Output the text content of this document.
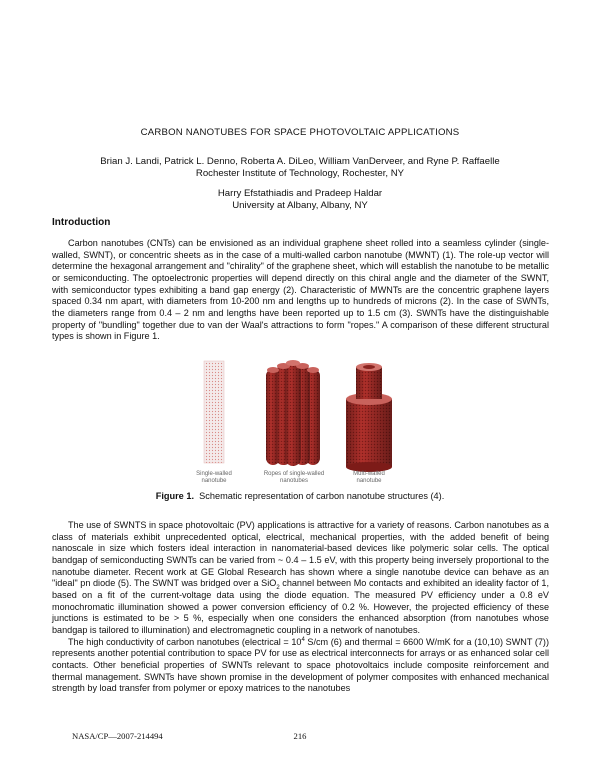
CARBON NANOTUBES FOR SPACE PHOTOVOLTAIC APPLICATIONS
Brian J. Landi, Patrick L. Denno, Roberta A. DiLeo, William VanDerveer, and Ryne P. Raffaelle
Rochester Institute of Technology, Rochester, NY
Harry Efstathiadis and Pradeep Haldar
University at Albany, Albany, NY
Introduction

Carbon nanotubes (CNTs) can be envisioned as an individual graphene sheet rolled into a seamless cylinder (single-walled, SWNT), or concentric sheets as in the case of a multi-walled carbon nanotube (MWNT) (1). The role-up vector will determine the hexagonal arrangement and "chirality" of the graphene sheet, which will establish the nanotube to be metallic or semiconducting. The optoelectronic properties will depend directly on this chiral angle and the diameter of the SWNT, with semiconductor types exhibiting a band gap energy (2). Characteristic of MWNTs are the concentric graphene layers spaced 0.34 nm apart, with diameters from 10-200 nm and lengths up to hundreds of microns (2). In the case of SWNTs, the diameters range from 0.4 – 2 nm and lengths have been reported up to 1.5 cm (3). SWNTs have the distinguishable property of "bundling" together due to van der Waal's attractions to form "ropes." A comparison of these different structural types is shown in Figure 1.

Single-walled
nanotube
Ropes of single-walled
nanotubes
Multi-walled
nanotube
Figure 1. Schematic representation of carbon nanotube structures (4).

The use of SWNTS in space photovoltaic (PV) applications is attractive for a variety of reasons. Carbon nanotubes as a class of materials exhibit unprecedented optical, electrical, mechanical properties, with the added benefit of being nanoscale in size which fosters ideal interaction in nanomaterial-based devices like polymeric solar cells. The optical bandgap of semiconducting SWNTs can be varied from ~ 0.4 – 1.5 eV, with this property being inversely proportional to the nanotube diameter. Recent work at GE Global Research has shown where a single nanotube device can behave as an "ideal" pn diode (5). The SWNT was bridged over a SiO$_2$ channel between Mo contacts and exhibited an ideality factor of 1, based on a fit of the current-voltage data using the diode equation. The measured PV efficiency under a 0.8 eV monochromatic illumination showed a power conversion efficiency of 0.2 %. However, the projected efficiency of these junctions is estimated to be > 5 %, especially when one considers the enhanced absorption (from nanotubes whose bandgap is tailored to illumination) and electromagnetic coupling in a network of nanotubes.

The high conductivity of carbon nanotubes (electrical = $10^4$ S/cm (6) and thermal = 6600 W/mK for a (10,10) SWNT (7)) represents another potential contribution to space PV for use as electrical interconnects for arrays or as enhanced solar cell contacts. Other beneficial properties of SWNTs relevant to space photovoltaics include composite reinforcement and thermal management. SWNTs have shown promise in the development of polymer composites with enhanced mechanical strength by load transfer from polymer or epoxy matrices to the nanotubes

NASA/CP—2007-214494	216
